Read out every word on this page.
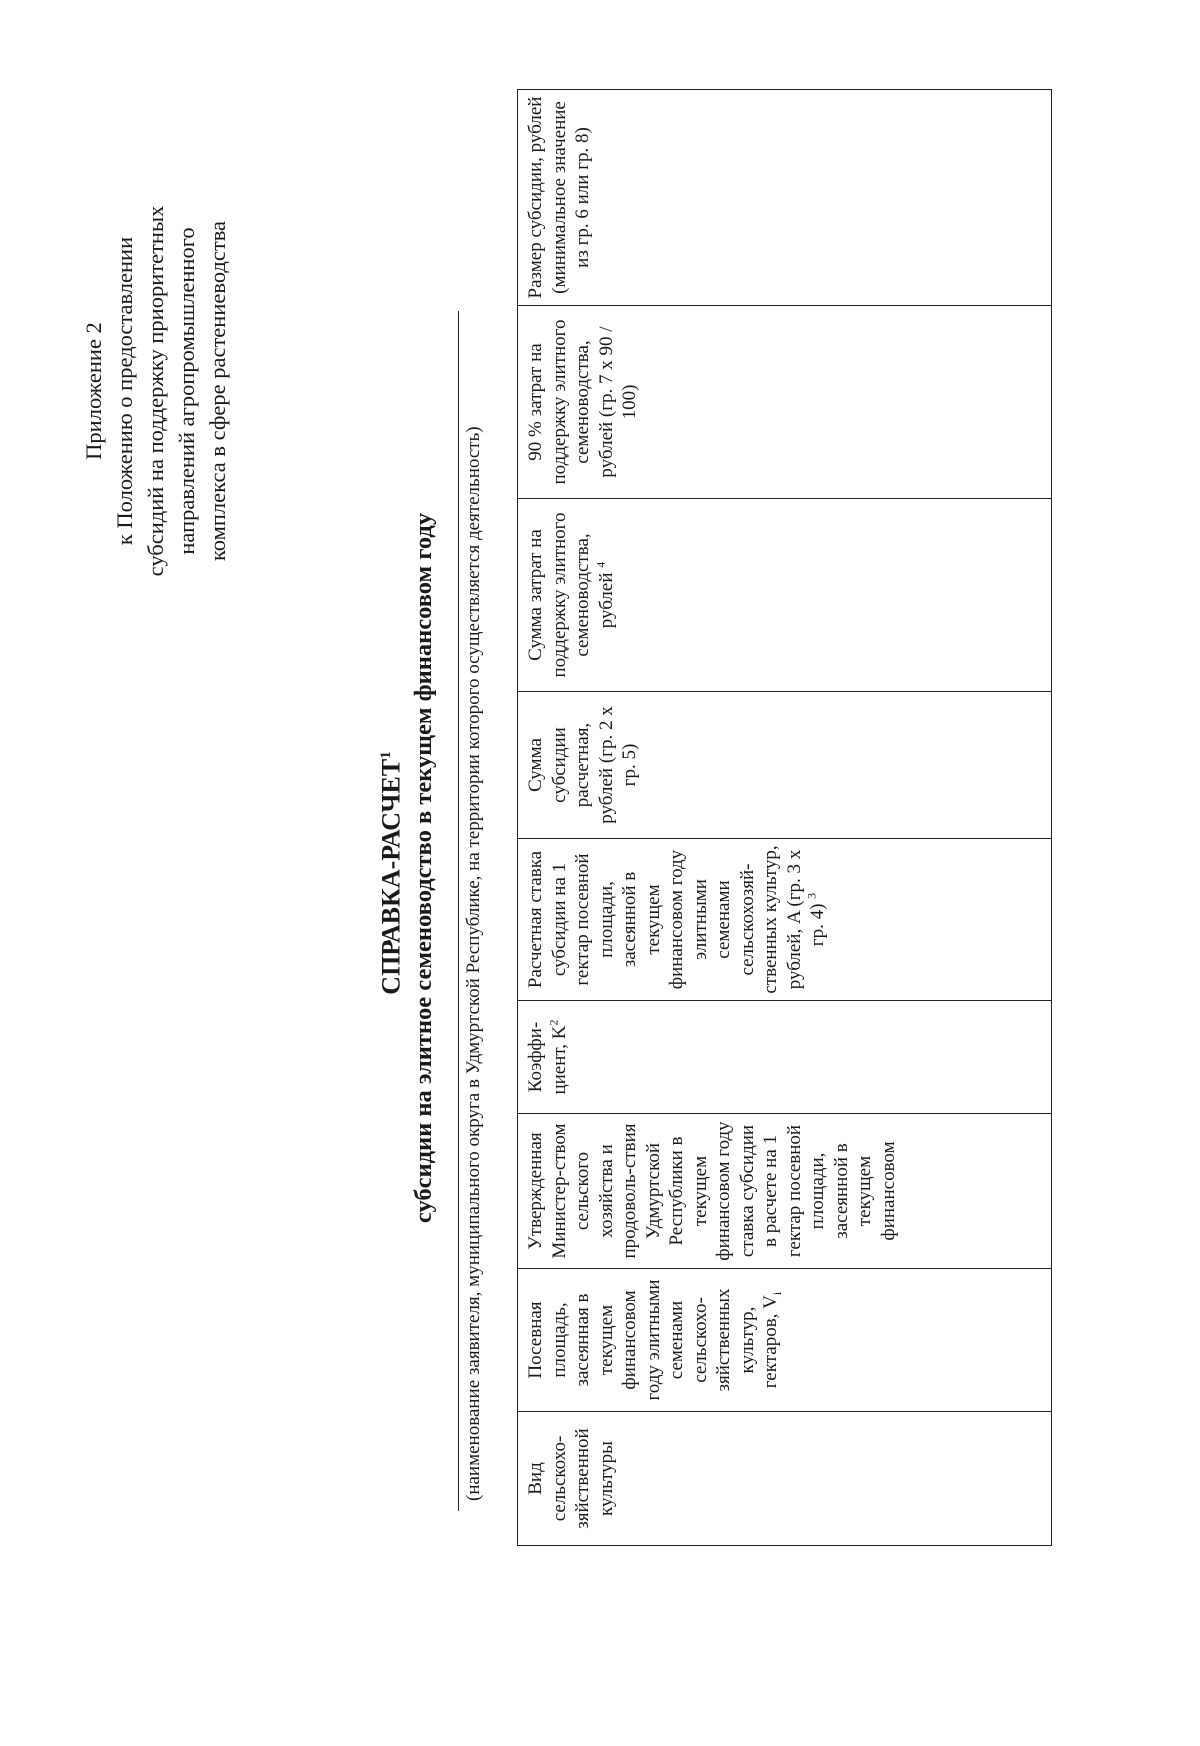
Приложение 2 к Положению о предоставлении субсидий на поддержку приоритетных направлений агропромышленного комплекса в сфере растениеводства
СПРАВКА-РАСЧЕТ$^1$ субсидии на элитное семеноводство в текущем финансовом году (наименование заявителя, муниципального округа в Удмуртской Республике, на территории которого осуществляется деятельность) Вид сельскохо-зяйственной культуры	Посевная площадь, засеянная в текущем финансовом году элитными семенами сельскохо-зяйственных культур, гектаров, $V_i$	Утвержденная Министер-ством сельского хозяйства и продоволь-ствия Удмуртской Республики в текущем финансовом году ставка субсидии в расчете на 1 гектар посевной площади, засеянной в текущем финансовом	Коэффи-циент, $K^2$	Расчетная ставка субсидии на 1 гектар посевной площади, засеянной в текущем финансовом году элитными семенами сельскохозяй-ственных культур, рублей, A (гр. 3 x гр. 4) $^3$	Сумма субсидии расчетная, рублей (гр. 2 x гр. 5)	Сумма затрат на поддержку элитного семеноводства, рублей $^4$	90 % затрат на поддержку элитного семеноводства, рублей (гр. 7 x 90 / 100)	Размер субсидии, рублей (минимальное значение из гр. 6 или гр. 8)
